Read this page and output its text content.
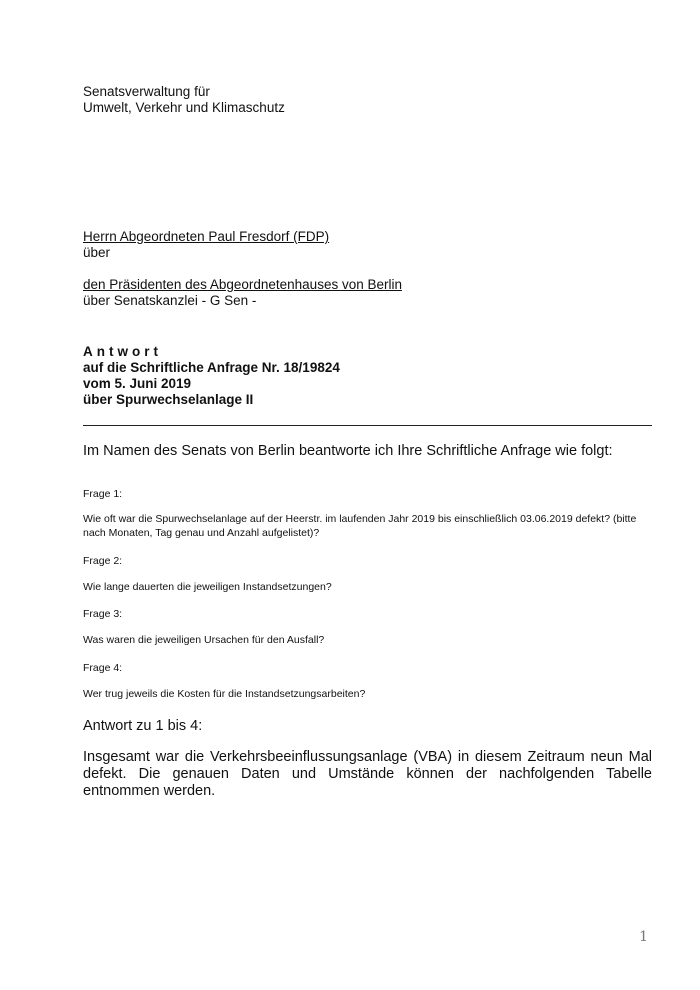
Senatsverwaltung für
Umwelt, Verkehr und Klimaschutz
Herrn Abgeordneten Paul Fresdorf (FDP)
über
den Präsidenten des Abgeordnetenhauses von Berlin
über Senatskanzlei - G Sen -
Antwort
auf die Schriftliche Anfrage Nr. 18/19824
vom 5. Juni 2019
über Spurwechselanlage II
Im Namen des Senats von Berlin beantworte ich Ihre Schriftliche Anfrage wie folgt:
Frage 1:
Wie oft war die Spurwechselanlage auf der Heerstr. im laufenden Jahr 2019 bis einschließlich 03.06.2019 defekt? (bitte nach Monaten, Tag genau und Anzahl aufgelistet)?
Frage 2:
Wie lange dauerten die jeweiligen Instandsetzungen?
Frage 3:
Was waren die jeweiligen Ursachen für den Ausfall?
Frage 4:
Wer trug jeweils die Kosten für die Instandsetzungsarbeiten?
Antwort zu 1 bis 4:
Insgesamt war die Verkehrsbeeinflussungsanlage (VBA) in diesem Zeitraum neun Mal defekt. Die genauen Daten und Umstände können der nachfolgenden Tabelle entnommen werden.
1
